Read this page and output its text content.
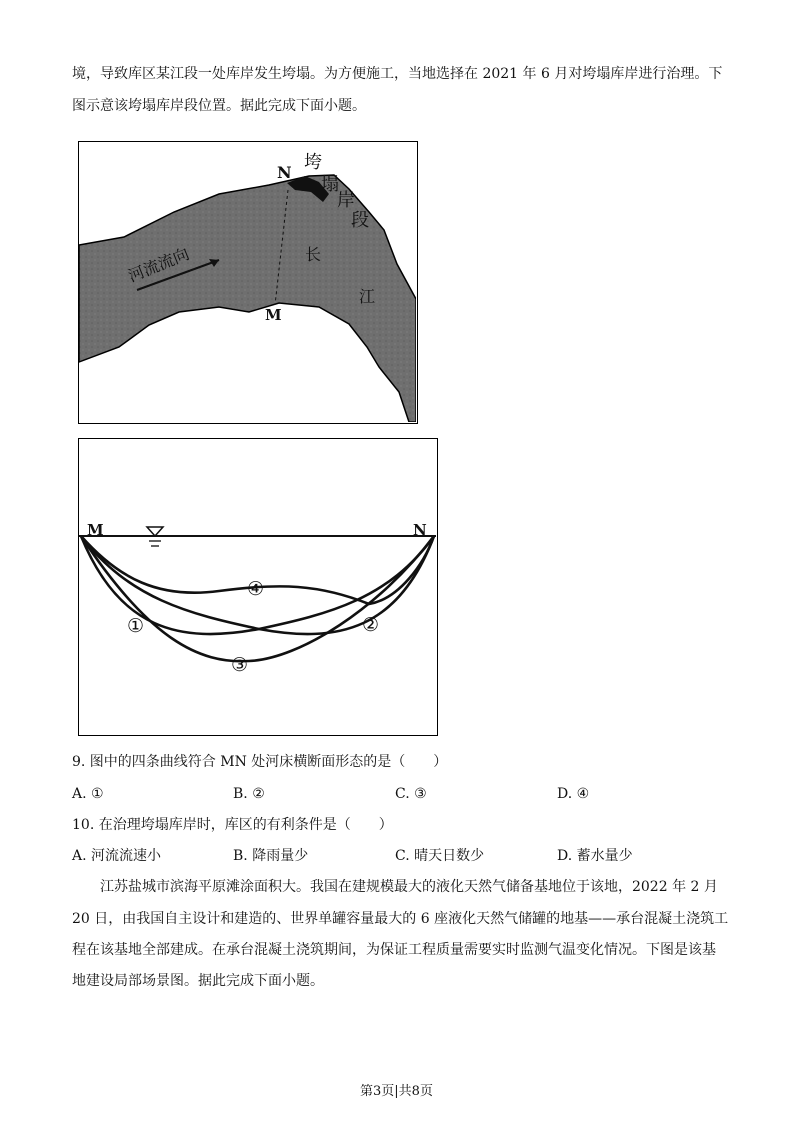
境，导致库区某江段一处库岸发生垮塌。为方便施工，当地选择在 2021 年 6 月对垮塌库岸进行治理。下
图示意该垮塌库岸段位置。据此完成下面小题。
N
M
河流流向
垮
塌
岸
段
长
江
M	N
①	②
③
④
9. 图中的四条曲线符合 MN 处河床横断面形态的是（　　）
A. ①	B. ②	C. ③	D. ④
10. 在治理垮塌库岸时，库区的有利条件是（　　）
A. 河流流速小	B. 降雨量少	C. 晴天日数少	D. 蓄水量少
江苏盐城市滨海平原滩涂面积大。我国在建规模最大的液化天然气储备基地位于该地，2022 年 2 月
20 日，由我国自主设计和建造的、世界单罐容量最大的 6 座液化天然气储罐的地基——承台混凝土浇筑工
程在该基地全部建成。在承台混凝土浇筑期间，为保证工程质量需要实时监测气温变化情况。下图是该基
地建设局部场景图。据此完成下面小题。
第3页|共8页
